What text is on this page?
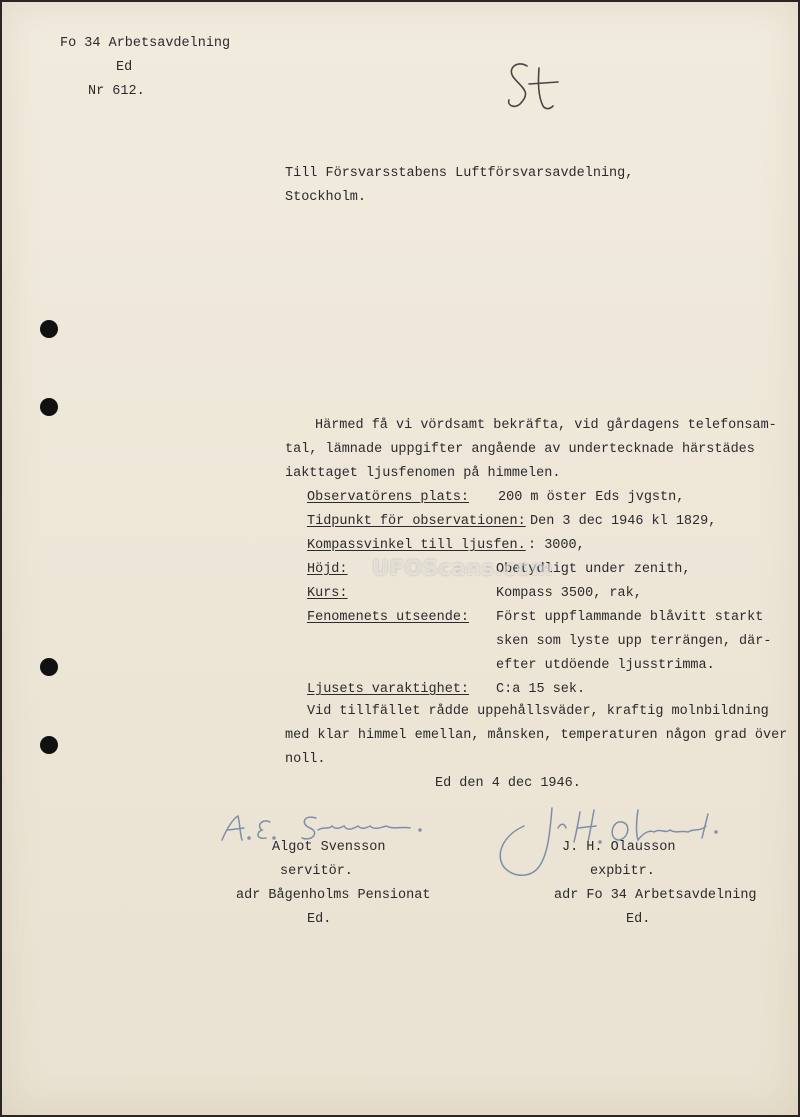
Fo 34 Arbetsavdelning

Ed

Nr 612.

Till Försvarsstabens Luftförsvarsavdelning,

Stockholm.

Härmed få vi vördsamt bekräfta, vid gårdagens telefonsam-

tal, lämnade uppgifter angående av undertecknade härstädes

iakttaget ljusfenomen på himmelen.

Observatörens plats: 200 m öster Eds jvgstn,

Tidpunkt för observationen: Den 3 dec 1946 kl 1829,

Kompassvinkel till ljusfen. : 3000,

Höjd:	Obetydligt under zenith,

Kurs:	Kompass 3500, rak,

Fenomenets utseende: Först uppflammande blåvitt starkt

sken som lyste upp terrängen, där-

efter utdöende ljusstrimma.

Ljusets varaktighet: C:a 15 sek.

Vid tillfället rådde uppehållsväder, kraftig molnbildning

med klar himmel emellan, månsken, temperaturen någon grad över

noll.

Ed den 4 dec 1946.

Algot Svensson

servitör.

adr Bågenholms Pensionat

Ed.

J. H. Olausson

expbitr.

adr Fo 34 Arbetsavdelning

Ed.

UFOScans.com
